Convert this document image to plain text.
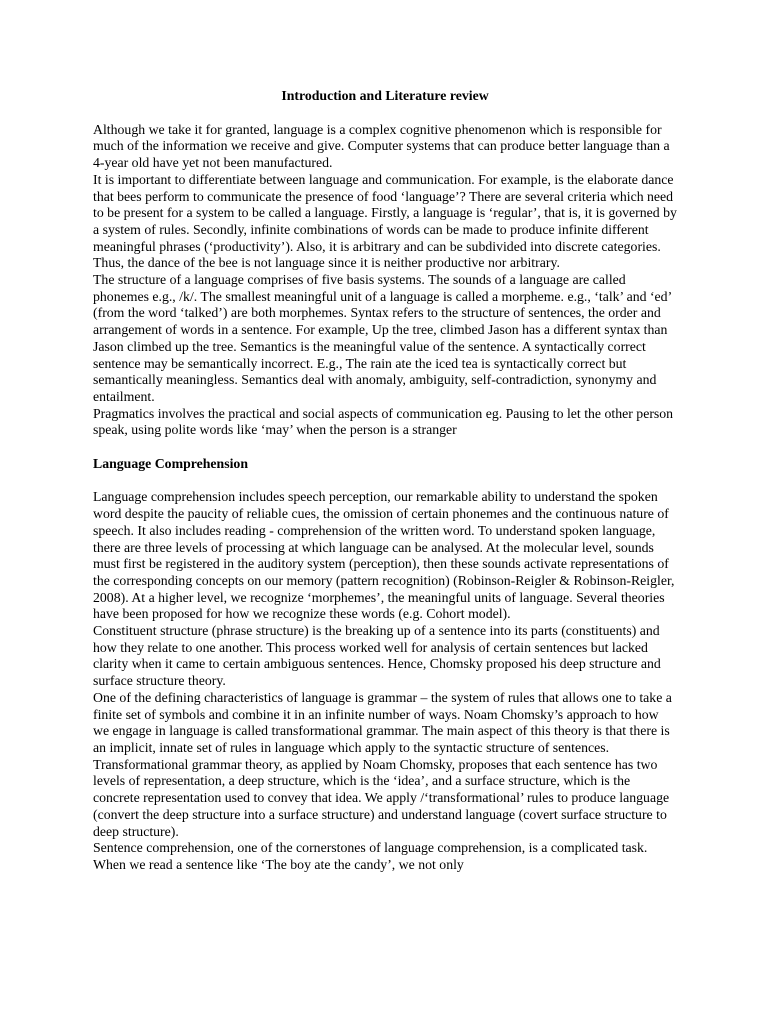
Introduction and Literature review

Although we take it for granted, language is a complex cognitive phenomenon which is responsible for much of the information we receive and give. Computer systems that can produce better language than a 4-year old have yet not been manufactured.

It is important to differentiate between language and communication. For example, is the elaborate dance that bees perform to communicate the presence of food ‘language’? There are several criteria which need to be present for a system to be called a language. Firstly, a language is ‘regular’, that is, it is governed by a system of rules. Secondly, infinite combinations of words can be made to produce infinite different meaningful phrases (‘productivity’). Also, it is arbitrary and can be subdivided into discrete categories. Thus, the dance of the bee is not language since it is neither productive nor arbitrary.

The structure of a language comprises of five basis systems. The sounds of a language are called phonemes e.g., /k/. The smallest meaningful unit of a language is called a morpheme. e.g., ‘talk’ and ‘ed’ (from the word ‘talked’) are both morphemes. Syntax refers to the structure of sentences, the order and arrangement of words in a sentence. For example, Up the tree, climbed Jason has a different syntax than Jason climbed up the tree. Semantics is the meaningful value of the sentence. A syntactically correct sentence may be semantically incorrect. E.g., The rain ate the iced tea is syntactically correct but semantically meaningless. Semantics deal with anomaly, ambiguity, self-contradiction, synonymy and entailment.

Pragmatics involves the practical and social aspects of communication eg. Pausing to let the other person speak, using polite words like ‘may’ when the person is a stranger

Language Comprehension

Language comprehension includes speech perception, our remarkable ability to understand the spoken word despite the paucity of reliable cues, the omission of certain phonemes and the continuous nature of speech. It also includes reading - comprehension of the written word. To understand spoken language, there are three levels of processing at which language can be analysed. At the molecular level, sounds must first be registered in the auditory system (perception), then these sounds activate representations of the corresponding concepts on our memory (pattern recognition) (Robinson-Reigler & Robinson-Reigler, 2008). At a higher level, we recognize ‘morphemes’, the meaningful units of language. Several theories have been proposed for how we recognize these words (e.g. Cohort model).

Constituent structure (phrase structure) is the breaking up of a sentence into its parts (constituents) and how they relate to one another. This process worked well for analysis of certain sentences but lacked clarity when it came to certain ambiguous sentences. Hence, Chomsky proposed his deep structure and surface structure theory.

One of the defining characteristics of language is grammar – the system of rules that allows one to take a finite set of symbols and combine it in an infinite number of ways. Noam Chomsky’s approach to how we engage in language is called transformational grammar. The main aspect of this theory is that there is an implicit, innate set of rules in language which apply to the syntactic structure of sentences. Transformational grammar theory, as applied by Noam Chomsky, proposes that each sentence has two levels of representation, a deep structure, which is the ‘idea’, and a surface structure, which is the concrete representation used to convey that idea. We apply /‘transformational’ rules to produce language (convert the deep structure into a surface structure) and understand language (covert surface structure to deep structure).

Sentence comprehension, one of the cornerstones of language comprehension, is a complicated task. When we read a sentence like ‘The boy ate the candy’, we not only
